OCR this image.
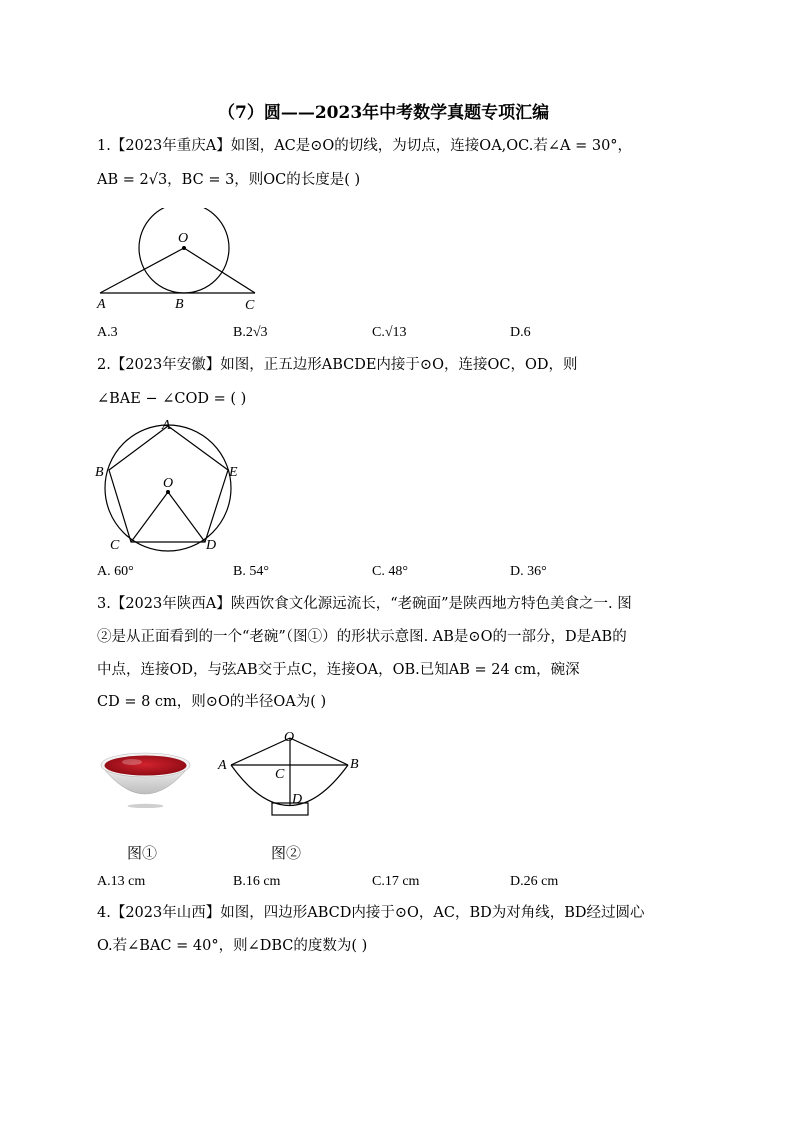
（7）圆——2023年中考数学真题专项汇编
1.【2023年重庆A】如图，AC是⊙O的切线，为切点，连接OA,OC.若∠A = 30°，
AB = 2√3，BC = 3，则OC的长度是( )
O
A	B	C
A.3	B.2√3	C.√13	D.6
2.【2023年安徽】如图，正五边形ABCDE内接于⊙O，连接OC，OD，则
∠BAE − ∠COD = ( )
A
B
C	D
E
O
A. 60°	B. 54°	C. 48°	D. 36°
3.【2023年陕西A】陕西饮食文化源远流长，“老碗面”是陕西地方特色美食之一. 图
②是从正面看到的一个“老碗”（图①）的形状示意图. AB是⊙O的一部分，D是AB的
中点，连接OD，与弦AB交于点C，连接OA，OB.已知AB = 24 cm，碗深
CD = 8 cm，则⊙O的半径OA为( )
O
A	B
C
D
图①	图②
A.13 cm	B.16 cm	C.17 cm	D.26 cm
4.【2023年山西】如图，四边形ABCD内接于⊙O，AC，BD为对角线，BD经过圆心
O.若∠BAC = 40°，则∠DBC的度数为( )
